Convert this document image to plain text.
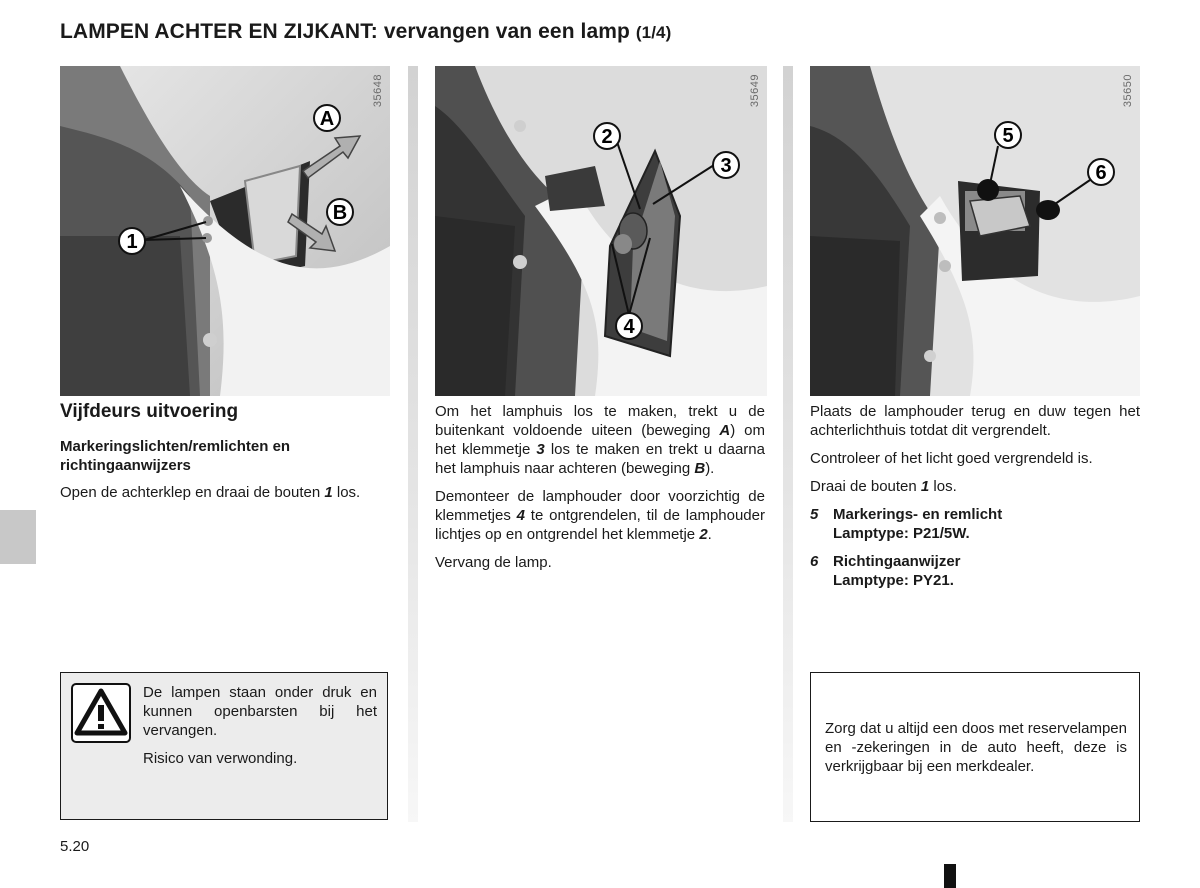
LAMPEN ACHTER EN ZIJKANT: vervangen van een lamp (1/4)
1
A
B
35648
2
3
4
35649
5
6
35650
Vijfdeurs uitvoering
Markeringslichten/remlichten en richtingaanwijzers

Open de achterklep en draai de bouten 1 los.

Om het lamphuis los te maken, trekt u de buitenkant voldoende uiteen (beweging A) om het klemmetje 3 los te maken en trekt u daarna het lamphuis naar achteren (beweging B).

Demonteer de lamphouder door voorzichtig de klemmetjes 4 te ontgrendelen, til de lamphouder lichtjes op en ontgrendel het klemmetje 2.

Vervang de lamp.

Plaats de lamphouder terug en duw tegen het achterlichthuis totdat dit vergrendelt.

Controleer of het licht goed vergrendeld is.

Draai de bouten 1 los.

5 Markerings- en remlicht
Lamptype: P21/5W.
6 Richtingaanwijzer
Lamptype: PY21.

De lampen staan onder druk en kunnen openbarsten bij het vervangen.

Risico van verwonding.

Zorg dat u altijd een doos met reservelampen en -zekeringen in de auto heeft, deze is verkrijgbaar bij een merkdealer.
5.20
